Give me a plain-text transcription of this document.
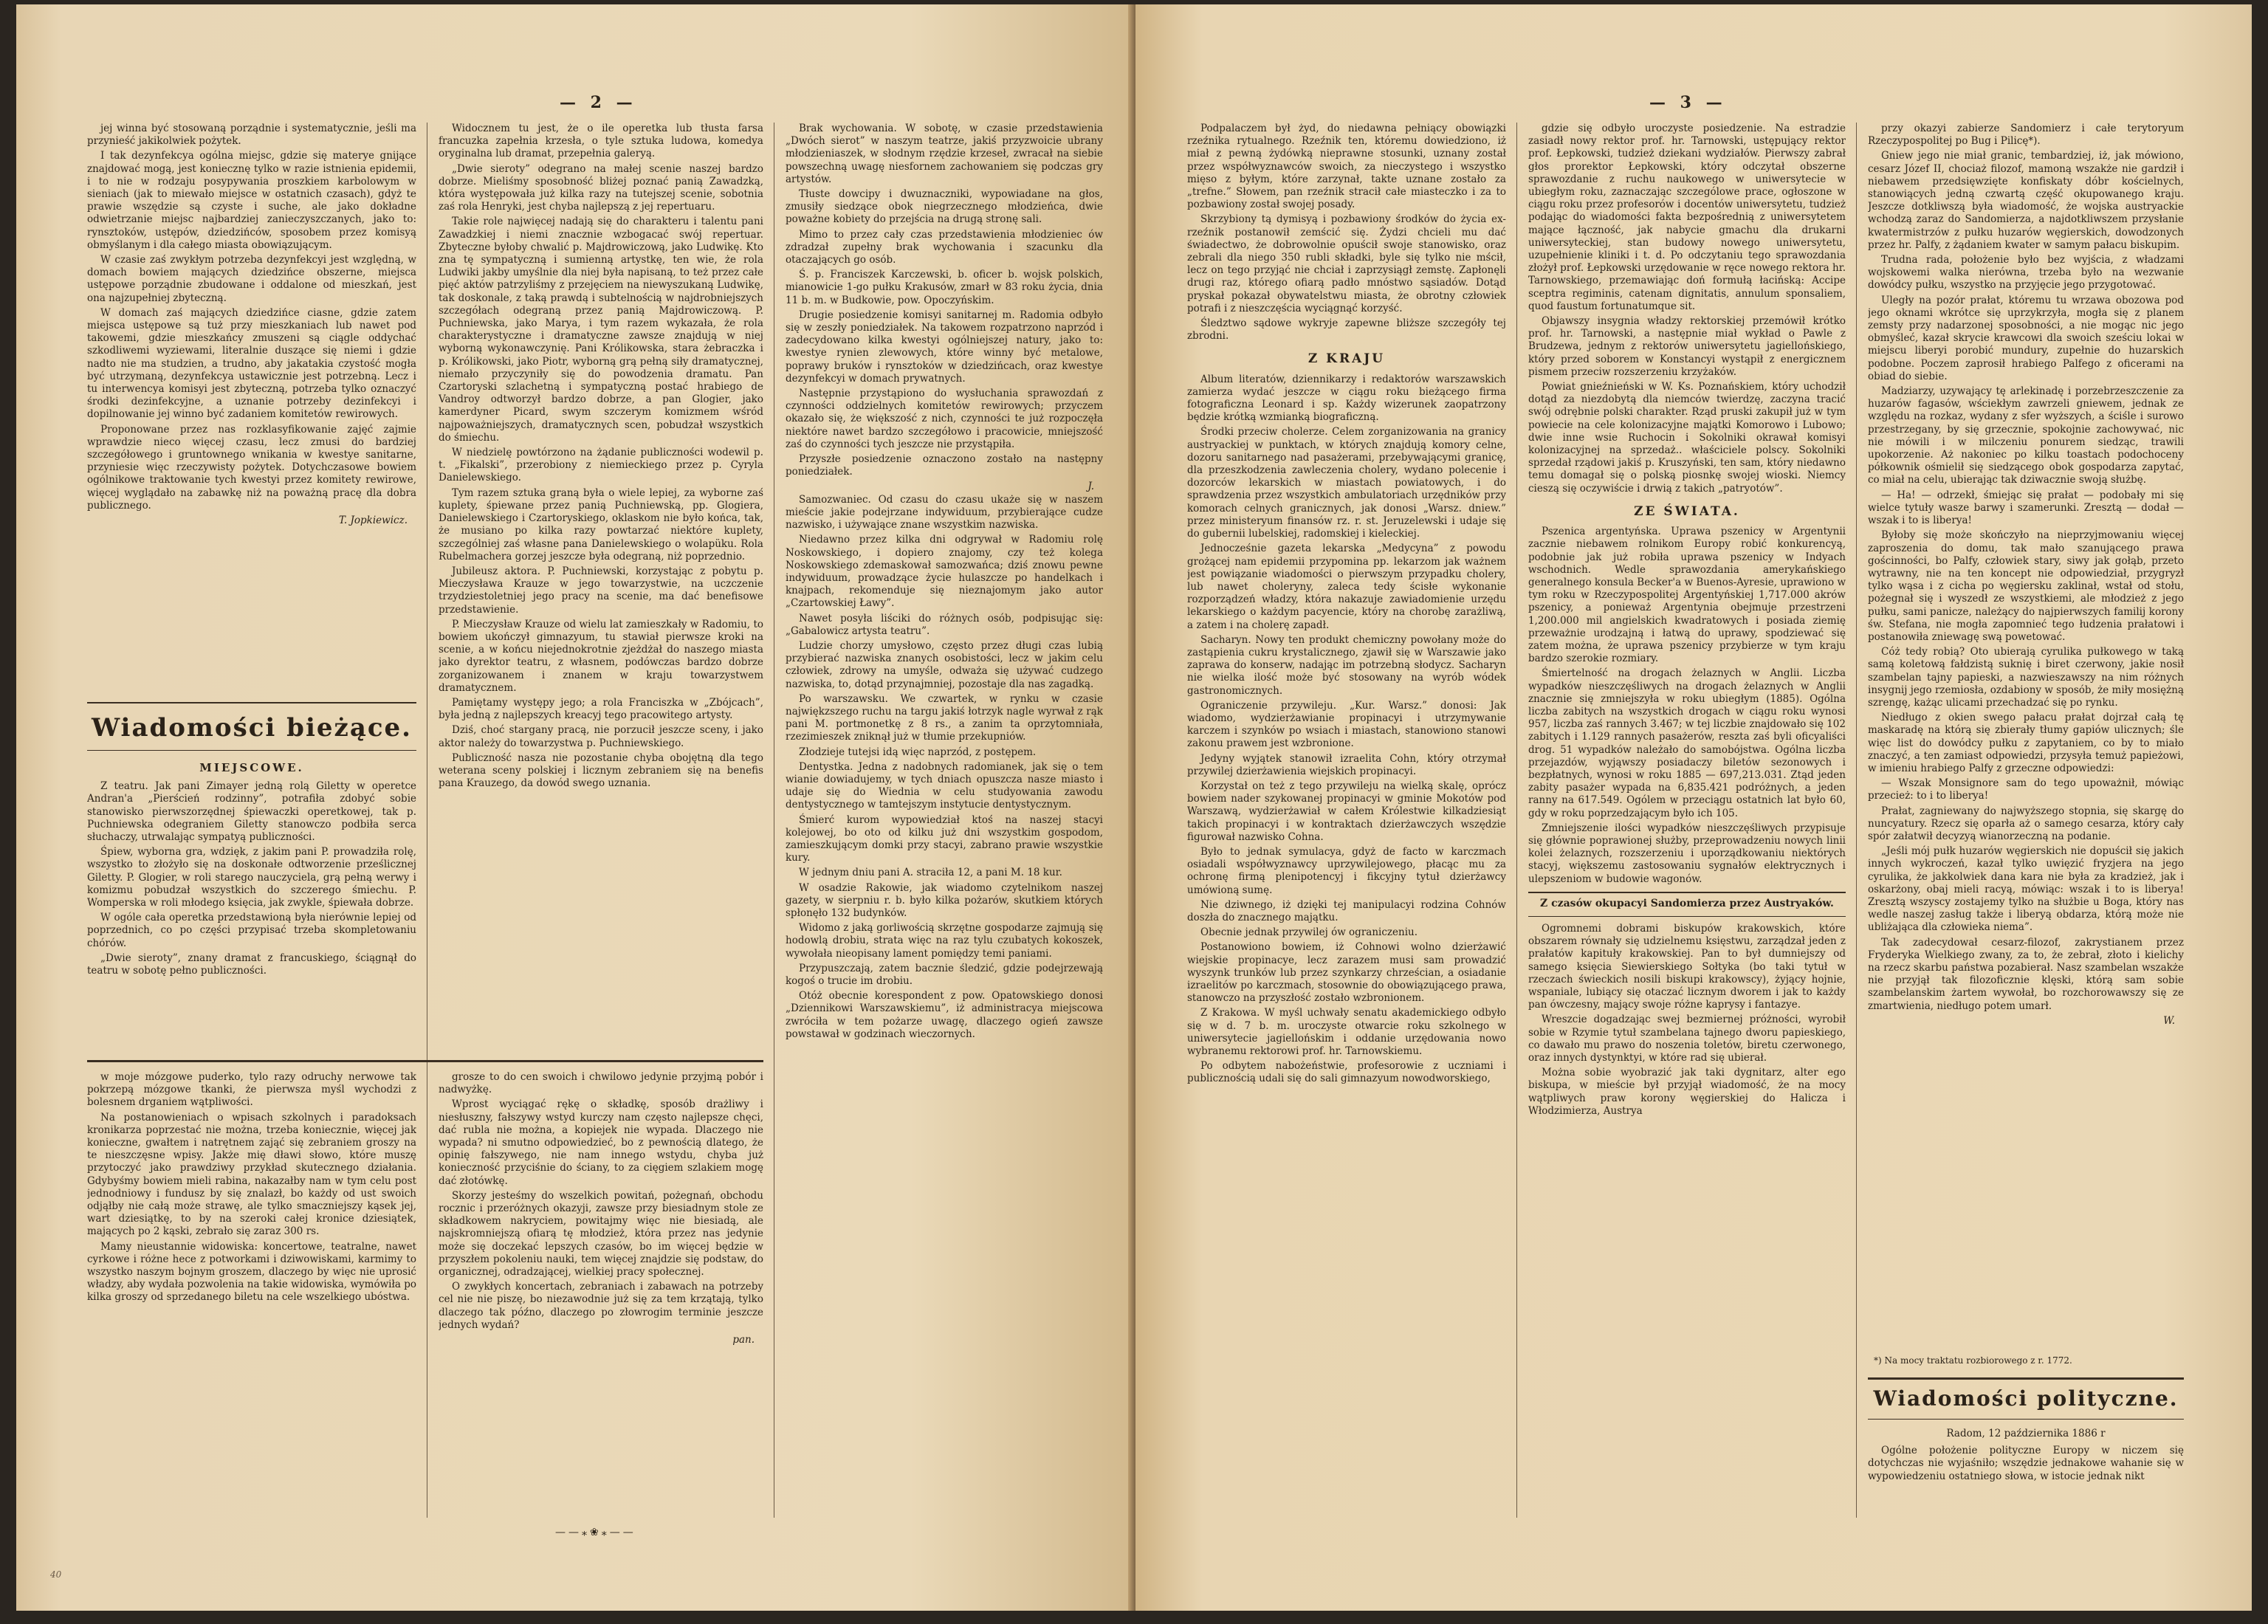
— 2 —

jej winna być stosowaną porządnie i systematycznie, jeśli ma przynieść jakikolwiek pożytek.

I tak dezynfekcya ogólna miejsc, gdzie się materye gnijące znajdować mogą, jest koniecznę tylko w razie istnienia epidemii, i to nie w rodzaju posypywania proszkiem karbolowym w sieniach (jak to miewało miejsce w ostatnich czasach), gdyż te prawie wszędzie są czyste i suche, ale jako dokładne odwietrzanie miejsc najbardziej zanieczyszczanych, jako to: rynsztoków, ustępów, dziedzińców, sposobem przez komisyą obmyślanym i dla całego miasta obowiązującym.

W czasie zaś zwykłym potrzeba dezynfekcyi jest względną, w domach bowiem mających dziedzińce obszerne, miejsca ustępowe porządnie zbudowane i oddalone od mieszkań, jest ona najzupełniej zbyteczną.

W domach zaś mających dziedzińce ciasne, gdzie zatem miejsca ustępowe są tuż przy mieszkaniach lub nawet pod takowemi, gdzie mieszkańcy zmuszeni są ciągle oddychać szkodliwemi wyziewami, literalnie duszące się niemi i gdzie nadto nie ma studzien, a trudno, aby jakatakia czystość mogła być utrzymaną, dezynfekcya ustawicznie jest potrzebną. Lecz i tu interwencya komisyi jest zbyteczną, potrzeba tylko oznaczyć środki dezinfekcyjne, a uznanie potrzeby dezinfekcyi i dopilnowanie jej winno być zadaniem komitetów rewirowych.

Proponowane przez nas rozklasyfikowanie zajęć zajmie wprawdzie nieco więcej czasu, lecz zmusi do bardziej szczegółowego i gruntownego wnikania w kwestye sanitarne, przyniesie więc rzeczywisty pożytek. Dotychczasowe bowiem ogólnikowe traktowanie tych kwestyi przez komitety rewirowe, więcej wyglądało na zabawkę niż na poważną pracę dla dobra publicznego.

T. Jopkiewicz.
Wiadomości bieżące.
MIEJSCOWE.

Z teatru. Jak pani Zimayer jedną rolą Giletty w operetce Andran'a „Pierścień rodzinny”, potrafiła zdobyć sobie stanowisko pierwszorzędnej śpiewaczki operetkowej, tak p. Puchniewska odegraniem Giletty stanowczo podbiła serca słuchaczy, utrwalając sympatyą publiczności.

Śpiew, wyborna gra, wdzięk, z jakim pani P. prowadziła rolę, wszystko to złożyło się na doskonałe odtworzenie prześlicznej Giletty. P. Glogier, w roli starego nauczyciela, grą pełną werwy i komizmu pobudzał wszystkich do szczerego śmiechu. P. Womperska w roli młodego księcia, jak zwykle, śpiewała dobrze.

W ogóle cała operetka przedstawioną była nierównie lepiej od poprzednich, co po części przypisać trzeba skompletowaniu chórów.

„Dwie sieroty”, znany dramat z francuskiego, ściągnął do teatru w sobotę pełno publiczności.

Widocznem tu jest, że o ile operetka lub tłusta farsa francuzka zapełnia krzesła, o tyle sztuka ludowa, komedya oryginalna lub dramat, przepełnia galeryą.

„Dwie sieroty” odegrano na małej scenie naszej bardzo dobrze. Mieliśmy sposobność bliżej poznać panią Zawadzką, która występowała już kilka razy na tutejszej scenie, sobotnia zaś rola Henryki, jest chyba najlepszą z jej repertuaru.

Takie role najwięcej nadają się do charakteru i talentu pani Zawadzkiej i niemi znacznie wzbogacać swój repertuar. Zbyteczne byłoby chwalić p. Majdrowiczową, jako Ludwikę. Kto zna tę sympatyczną i sumienną artystkę, ten wie, że rola Ludwiki jakby umyślnie dla niej była napisaną, to też przez całe pięć aktów patrzyliśmy z przejęciem na niewyszukaną Ludwikę, tak doskonale, z taką prawdą i subtelnością w najdrobniejszych szczegółach odegraną przez panią Majdrowiczową. P. Puchniewska, jako Marya, i tym razem wykazała, że rola charakterystyczne i dramatyczne zawsze znajdują w niej wyborną wykonawczynię. Pani Królikowska, stara żebraczka i p. Królikowski, jako Piotr, wyborną grą pełną siły dramatycznej, niemało przyczyniły się do powodzenia dramatu. Pan Czartoryski szlachetną i sympatyczną postać hrabiego de Vandroy odtworzył bardzo dobrze, a pan Glogier, jako kamerdyner Picard, swym szczerym komizmem wśród najpoważniejszych, dramatycznych scen, pobudzał wszystkich do śmiechu.

W niedzielę powtórzono na żądanie publiczności wodewil p. t. „Fikalski”, przerobiony z niemieckiego przez p. Cyryla Danielewskiego.

Tym razem sztuka graną była o wiele lepiej, za wyborne zaś kuplety, śpiewane przez panią Puchniewską, pp. Glogiera, Danielewskiego i Czartoryskiego, oklaskom nie było końca, tak, że musiano po kilka razy powtarzać niektóre kuplety, szczególniej zaś własne pana Danielewskiego o wolapüku. Rola Rubelmachera gorzej jeszcze była odegraną, niż poprzednio.

Jubileusz aktora. P. Puchniewski, korzystając z pobytu p. Mieczysława Krauze w jego towarzystwie, na uczczenie trzydziestoletniej jego pracy na scenie, ma dać benefisowe przedstawienie.

P. Mieczysław Krauze od wielu lat zamieszkały w Radomiu, to bowiem ukończył gimnazyum, tu stawiał pierwsze kroki na scenie, a w końcu niejednokrotnie zjeżdżał do naszego miasta jako dyrektor teatru, z własnem, podówczas bardzo dobrze zorganizowanem i znanem w kraju towarzystwem dramatycznem.

Pamiętamy występy jego; a rola Franciszka w „Zbójcach”, była jedną z najlepszych kreacyj tego pracowitego artysty.

Dziś, choć stargany pracą, nie porzucił jeszcze sceny, i jako aktor należy do towarzystwa p. Puchniewskiego.

Publiczność nasza nie pozostanie chyba obojętną dla tego weterana sceny polskiej i licznym zebraniem się na benefis pana Krauzego, da dowód swego uznania.

Brak wychowania. W sobotę, w czasie przedstawienia „Dwóch sierot” w naszym teatrze, jakiś przyzwoicie ubrany młodzieniaszek, w słodnym rzędzie krzeseł, zwracał na siebie powszechną uwagę niesfornem zachowaniem się podczas gry artystów.

Tłuste dowcipy i dwuznaczniki, wypowiadane na głos, zmusiły siedzące obok niegrzecznego młodzieńca, dwie poważne kobiety do przejścia na drugą stronę sali.

Mimo to przez cały czas przedstawienia młodzieniec ów zdradzał zupełny brak wychowania i szacunku dla otaczających go osób.

Ś. p. Franciszek Karczewski, b. oficer b. wojsk polskich, mianowicie 1-go pułku Krakusów, zmarł w 83 roku życia, dnia 11 b. m. w Budkowie, pow. Opoczyńskim.

Drugie posiedzenie komisyi sanitarnej m. Radomia odbyło się w zeszły poniedziałek. Na takowem rozpatrzono naprzód i zadecydowano kilka kwestyi ogólniejszej natury, jako to: kwestye rynien zlewowych, które winny być metalowe, poprawy bruków i rynsztoków w dziedzińcach, oraz kwestye dezynfekcyi w domach prywatnych.

Następnie przystąpiono do wysłuchania sprawozdań z czynności oddzielnych komitetów rewirowych; przyczem okazało się, że większość z nich, czynności te już rozpoczęła niektóre nawet bardzo szczegółowo i pracowicie, mniejszość zaś do czynności tych jeszcze nie przystąpiła.

Przyszłe posiedzenie oznaczono zostało na następny poniedziałek.

J.

Samozwaniec. Od czasu do czasu ukaże się w naszem mieście jakie podejrzane indywiduum, przybierające cudze nazwisko, i używające znane wszystkim nazwiska.

Niedawno przez kilka dni odgrywał w Radomiu rolę Noskowskiego, i dopiero znajomy, czy też kolega Noskowskiego zdemaskował samozwańca; dziś znowu pewne indywiduum, prowadzące życie hulaszcze po handelkach i knajpach, rekomenduje się nieznajomym jako autor „Czartowskiej Ławy”.

Nawet posyła liściki do różnych osób, podpisując się: „Gabalowicz artysta teatru”.

Ludzie chorzy umysłowo, często przez długi czas lubią przybierać nazwiska znanych osobistości, lecz w jakim celu człowiek, zdrowy na umyśle, odważa się używać cudzego nazwiska, to, dotąd przynajmniej, pozostaje dla nas zagadką.

Po warszawsku. We czwartek, w rynku w czasie najwiękzszego ruchu na targu jakiś łotrzyk nagle wyrwał z rąk pani M. portmonetkę z 8 rs., a zanim ta oprzytomniała, rzezimieszek zniknął już w tłumie przekupniów.

Złodzieje tutejsi idą więc naprzód, z postępem.

Dentystka. Jedna z nadobnych radomianek, jak się o tem wianie dowiadujemy, w tych dniach opuszcza nasze miasto i udaje się do Wiednia w celu studyowania zawodu dentystycznego w tamtejszym instytucie dentystycznym.

Śmierć kurom wypowiedział ktoś na naszej stacyi kolejowej, bo oto od kilku już dni wszystkim gospodom, zamieszkującym domki przy stacyi, zabrano prawie wszystkie kury.

W jednym dniu pani A. straciła 12, a pani M. 18 kur.

W osadzie Rakowie, jak wiadomo czytelnikom naszej gazety, w sierpniu r. b. było kilka pożarów, skutkiem których spłonęło 132 budynków.

Widomo z jaką gorliwością skrzętne gospodarze zajmują się hodowlą drobiu, strata więc na raz tylu czubatych kokoszek, wywołała nieopisany lament pomiędzy temi paniami.

Przypuszczają, zatem bacznie śledzić, gdzie podejrzewają kogoś o trucie im drobiu.

Otóż obecnie korespondent z pow. Opatowskiego donosi „Dziennikowi Warszawskiemu”, iż administracya miejscowa zwróciła w tem pożarze uwagę, dlaczego ogień zawsze powstawał w godzinach wieczornych.

w moje mózgowe puderko, tylo razy odruchy nerwowe tak pokrzepą mózgowe tkanki, że pierwsza myśl wychodzi z bolesnem drganiem wątpliwości.

Na postanowieniach o wpisach szkolnych i paradoksach kronikarza poprzestać nie można, trzeba koniecznie, więcej jak konieczne, gwałtem i natrętnem zająć się zebraniem groszy na te nieszczęsne wpisy. Jakże mię dławi słowo, które muszę przytoczyć jako prawdziwy przykład skutecznego działania. Gdybyśmy bowiem mieli rabina, nakazałby nam w tym celu post jednodniowy i fundusz by się znalazł, bo każdy od ust swoich odjąłby nie całą może strawę, ale tylko smaczniejszy kąsek jej, wart dziesiątkę, to by na szeroki całej kronice dziesiątek, mających po 2 kąski, zebrało się zaraz 300 rs.

Mamy nieustannie widowiska: koncertowe, teatralne, nawet cyrkowe i różne hece z potworkami i dziwowiskami, karmimy to wszystko naszym bojnym groszem, dlaczego by więc nie uprosić władzy, aby wydała pozwolenia na takie widowiska, wymówiła po kilka groszy od sprzedanego biletu na cele wszelkiego ubóstwa.

grosze to do cen swoich i chwilowo jedynie przyjmą pobór i nadwyżkę.

Wprost wyciągać rękę o składkę, sposób drażliwy i niesłuszny, fałszywy wstyd kurczy nam często najlepsze chęci, dać rubla nie można, a kopiejek nie wypada. Dlaczego nie wypada? ni smutno odpowiedzieć, bo z pewnością dlatego, że opinię fałszywego, nie nam innego wstydu, chyba już konieczność przyciśnie do ściany, to za cięgiem szlakiem mogę dać złotówkę.

Skorzy jesteśmy do wszelkich powitań, pożegnań, obchodu rocznic i przeróżnych okazyji, zawsze przy biesiadnym stole ze składkowem nakryciem, powitajmy więc nie biesiadą, ale najskromniejszą ofiarą tę młodzież, która przez nas jedynie może się doczekać lepszych czasów, bo im więcej będzie w przyszłem pokoleniu nauki, tem więcej znajdzie się podstaw, do organicznej, odradzającej, wielkiej pracy społecznej.

O zwykłych koncertach, zebraniach i zabawach na potrzeby cel nie nie piszę, bo niezawodnie już się za tem krzątają, tylko dlaczego tak późno, dlaczego po złowrogim terminie jeszcze jednych wydań?

pan.
——⁎❀⁎——
40
— 3 —

Podpalaczem był żyd, do niedawna pełniący obowiązki rzeźnika rytualnego. Rzeźnik ten, któremu dowiedziono, iż miał z pewną żydówką nieprawne stosunki, uznany został przez współwyznawców swoich, za nieczystego i wszystko mięso z byłym, które zarzynał, takte uznane zostało za „trefne.” Słowem, pan rzeźnik stracił całe miasteczko i za to pozbawiony został swojej posady.

Skrzybiony tą dymisyą i pozbawiony środków do życia ex-rzeźnik postanowił zemścić się. Żydzi chcieli mu dać świadectwo, że dobrowolnie opuścił swoje stanowisko, oraz zebrali dla niego 350 rubli składki, byle się tylko nie mścił, lecz on tego przyjąć nie chciał i zaprzysiągł zemstę. Zapłonęli drugi raz, którego ofiarą padło mnóstwo sąsiadów. Dotąd pryskał pokazał obywatelstwu miasta, że obrotny człowiek potrafi i z nieszczęścia wyciągnąć korzyść.

Śledztwo sądowe wykryje zapewne bliższe szczegóły tej zbrodni.

Z KRAJU

Album literatów, dziennikarzy i redaktorów warszawskich zamierza wydać jeszcze w ciągu roku bieżącego firma fotograficzna Leonard i sp. Każdy wizerunek zaopatrzony będzie krótką wzmianką biograficzną.

Środki przeciw cholerze. Celem zorganizowania na granicy austryackiej w punktach, w których znajdują komory celne, dozoru sanitarnego nad pasażerami, przebywającymi granicę, dla przeszkodzenia zawleczenia cholery, wydano polecenie i dozorców lekarskich w miastach powiatowych, i do sprawdzenia przez wszystkich ambulatoriach urzędników przy komorach celnych granicznych, jak donosi „Warsz. dniew.” przez ministeryum finansów rz. r. st. Jeruzelewski i udaje się do gubernii lubelskiej, radomskiej i kieleckiej.

Jednocześnie gazeta lekarska „Medycyna” z powodu grożącej nam epidemii przypomina pp. lekarzom jak ważnem jest powiązanie wiadomości o pierwszym przypadku cholery, lub nawet choleryny, zaleca tedy ścisłe wykonanie rozporządzeń władzy, która nakazuje zawiadomienie urzędu lekarskiego o każdym pacyencie, który na chorobę zarażliwą, a zatem i na cholerę zapadł.

Sacharyn. Nowy ten produkt chemiczny powołany może do zastąpienia cukru krystalicznego, zjawił się w Warszawie jako zaprawa do konserw, nadając im potrzebną słodycz. Sacharyn nie wielka ilość może być stosowany na wyrób wódek gastronomicznych.

Ograniczenie przywileju. „Kur. Warsz.” donosi: Jak wiadomo, wydzierżawianie propinacyi i utrzymywanie karczem i szynków po wsiach i miastach, stanowiono stanowi zakonu prawem jest wzbronione.

Jedyny wyjątek stanowił izraelita Cohn, który otrzymał przywilej dzierżawienia wiejskich propinacyi.

Korzystał on też z tego przywileju na wielką skalę, oprócz bowiem nader szykowanej propinacyi w gminie Mokotów pod Warszawą, wydzierżawiał w całem Królestwie kilkadziesiąt takich propinacyi i w kontraktach dzierżawczych wszędzie figurował nazwisko Cohna.

Było to jednak symulacya, gdyż de facto w karczmach osiadali współwyznawcy uprzywilejowego, płacąc mu za ochronę firmą plenipotencyj i fikcyjny tytuł dzierżawcy umówioną sumę.

Nie dziwnego, iż dzięki tej manipulacyi rodzina Cohnów doszła do znacznego majątku.

Obecnie jednak przywilej ów ograniczeniu.

Postanowiono bowiem, iż Cohnowi wolno dzierżawić wiejskie propinacye, lecz zarazem musi sam prowadzić wyszynk trunków lub przez szynkarzy chrześcian, a osiadanie izraelitów po karczmach, stosownie do obowiązującego prawa, stanowczo na przyszłość zostało wzbronionem.

Z Krakowa. W myśl uchwały senatu akademickiego odbyło się w d. 7 b. m. uroczyste otwarcie roku szkolnego w uniwersytecie jagiellońskim i oddanie urzędowania nowo wybranemu rektorowi prof. hr. Tarnowskiemu.

Po odbytem nabożeństwie, profesorowie z uczniami i publicznością udali się do sali gimnazyum nowodworskiego,

gdzie się odbyło uroczyste posiedzenie. Na estradzie zasiadł nowy rektor prof. hr. Tarnowski, ustępujący rektor prof. Łepkowski, tudzież dziekani wydziałów. Pierwszy zabrał głos prorektor Łepkowski, który odczytał obszerne sprawozdanie z ruchu naukowego w uniwersytecie w ubiegłym roku, zaznaczając szczególowe prace, ogłoszone w ciągu roku przez profesorów i docentów uniwersytetu, tudzież podając do wiadomości fakta bezpośrednią z uniwersytetem mające łączność, jak nabycie gmachu dla drukarni uniwersyteckiej, stan budowy nowego uniwersytetu, uzupełnienie kliniki i t. d. Po odczytaniu tego sprawozdania złożył prof. Łepkowski urzędowanie w ręce nowego rektora hr. Tarnowskiego, przemawiając doń formułą łacińską: Accipe sceptra regiminis, catenam dignitatis, annulum sponsaliem, quod faustum fortunatumque sit.

Objawszy insygnia władzy rektorskiej przemówił krótko prof. hr. Tarnowski, a następnie miał wykład o Pawle z Brudzewa, jednym z rektorów uniwersytetu jagiellońskiego, który przed soborem w Konstancyi wystąpił z energicznem pismem przeciw rozszerzeniu krzyżaków.

Powiat gnieźnieński w W. Ks. Poznańskiem, który uchodził dotąd za niezdobytą dla niemców twierdzę, zaczyna tracić swój odrębnie polski charakter. Rząd pruski zakupił już w tym powiecie na cele kolonizacyjne majątki Komorowo i Lubowo; dwie inne wsie Ruchocin i Sokolniki okrawał komisyi kolonizacyjnej na sprzedaż.. właściciele polscy. Sokolniki sprzedał rządowi jakiś p. Kruszyński, ten sam, który niedawno temu domagał się o polską piosnkę swojej wioski. Niemcy cieszą się oczywiście i drwią z takich „patryotów”.

ZE ŚWIATA.

Pszenica argentyńska. Uprawa pszenicy w Argentynii zacznie niebawem rolnikom Europy robić konkurencyą, podobnie jak już robiła uprawa pszenicy w Indyach wschodnich. Wedle sprawozdania amerykańskiego generalnego konsula Becker'a w Buenos-Ayresie, uprawiono w tym roku w Rzeczypospolitej Argentyńskiej 1,717.000 akrów pszenicy, a ponieważ Argentynia obejmuje przestrzeni 1,200.000 mil angielskich kwadratowych i posiada ziemię przeważnie urodzajną i łatwą do uprawy, spodziewać się zatem można, że uprawa pszenicy przybierze w tym kraju bardzo szerokie rozmiary.

Śmiertelność na drogach żelaznych w Anglii. Liczba wypadków nieszczęśliwych na drogach żelaznych w Anglii znacznie się zmniejszyła w roku ubiegłym (1885). Ogólna liczba zabitych na wszystkich drogach w ciągu roku wynosi 957, liczba zaś rannych 3.467; w tej liczbie znajdowało się 102 zabitych i 1.129 rannych pasażerów, reszta zaś byli oficyaliści drog. 51 wypadków należało do samobójstwa. Ogólna liczba przejazdów, wyjąwszy posiadaczy biletów sezonowych i bezpłatnych, wynosi w roku 1885 — 697,213.031. Ztąd jeden zabity pasażer wypada na 6,835.421 podróżnych, a jeden ranny na 617.549. Ogólem w przeciągu ostatnich lat było 60, gdy w roku poprzedzającym było ich 105.

Zmniejszenie ilości wypadków nieszczęśliwych przypisuje się głównie poprawionej służby, przeprowadzeniu nowych linii kolei żelaznych, rozszerzeniu i uporządkowaniu niektórych stacyj, większemu zastosowaniu sygnałów elektrycznych i ulepszeniom w budowie wagonów.

Z czasów okupacyi Sandomierza przez Austryaków.

Ogromnemi dobrami biskupów krakowskich, które obszarem równały się udzielnemu księstwu, zarządzał jeden z prałatów kapituły krakowskiej. Pan to był dumniejszy od samego księcia Siewierskiego Sołtyka (bo taki tytuł w rzeczach świeckich nosili biskupi krakowscy), żyjący hojnie, wspaniale, lubiący się otaczać licznym dworem i jak to każdy pan ówczesny, mający swoje różne kaprysy i fantazye.

Wreszcie dogadzając swej bezmiernej próżności, wyrobił sobie w Rzymie tytuł szambelana tajnego dworu papieskiego, co dawało mu prawo do noszenia toletów, biretu czerwonego, oraz innych dystynktyi, w które rad się ubierał.

Można sobie wyobrazić jak taki dygnitarz, alter ego biskupa, w mieście był przyjął wiadomość, że na mocy wątpliwych praw korony węgierskiej do Halicza i Włodzimierza, Austrya

przy okazyi zabierze Sandomierz i całe terytoryum Rzeczypospolitej po Bug i Pilicę*).

Gniew jego nie miał granic, tembardziej, iż, jak mówiono, cesarz Józef II, chociaż filozof, mamoną wszakże nie gardził i niebawem przedsięwzięte konfiskaty dóbr kościelnych, stanowiących jedną czwartą część okupowanego kraju. Jeszcze dotkliwszą była wiadomość, że wojska austryackie wchodzą zaraz do Sandomierza, a najdotkliwszem przysłanie kwatermistrzów z pułku huzarów węgierskich, dowodzonych przez hr. Palfy, z żądaniem kwater w samym pałacu biskupim.

Trudna rada, położenie było bez wyjścia, z władzami wojskowemi walka nierówna, trzeba było na wezwanie dowódcy pułku, wszystko na przyjęcie jego przygotować.

Uległy na pozór prałat, któremu tu wrzawa obozowa pod jego oknami wkrótce się uprzykrzyła, mogła się z planem zemsty przy nadarzonej sposobności, a nie mogąc nic jego obmyśleć, kazał skrycie krawcowi dla swoich sześciu lokai w miejscu liberyi porobić mundury, zupełnie do huzarskich podobne. Poczem zaprosił hrabiego Palfego z oficerami na obiad do siebie.

Madziarzy, uzywający tę arlekinadę i porzebrzeszczenie za huzarów fagasów, wściekłym zawrzeli gniewem, jednak ze względu na rozkaz, wydany z sfer wyższych, a ściśle i surowo przestrzegany, by się grzecznie, spokojnie zachowywać, nic nie mówili i w milczeniu ponurem siedząc, trawili upokorzenie. Aż nakoniec po kilku toastach podochoceny półkownik ośmielił się siedzącego obok gospodarza zapytać, co miał na celu, ubierając tak dziwacznie swoją służbę.

— Ha! — odrzekł, śmiejąc się prałat — podobały mi się wielce tytuły wasze barwy i szamerunki. Zresztą — dodał — wszak i to is liberya!

Byłoby się może skończyło na nieprzyjmowaniu więcej zaproszenia do domu, tak mało szanującego prawa gościnności, bo Palfy, człowiek stary, siwy jak gołąb, przeto wytrawny, nie na ten koncept nie odpowiedział, przygryzł tylko wąsa i z cicha po węgiersku zaklinał, wstał od stołu, pożegnał się i wyszedł ze wszystkiemi, ale młodzież z jego pułku, sami panicze, należący do najpierwszych familij korony św. Stefana, nie mogła zapomnieć tego łudzenia prałatowi i postanowiła zniewagę swą powetować.

Cóż tedy robią? Oto ubierają cyrulika pułkowego w taką samą koletową fałdzistą suknię i biret czerwony, jakie nosił szambelan tajny papieski, a nazwieszawszy na nim różnych insygnij jego rzemiosła, ozdabiony w sposób, że miły mosiężną szrengę, każąc ulicami przechadzać się po rynku.

Niedługo z okien swego pałacu prałat dojrzał całą tę maskaradę na którą się zbierały tłumy gapiów ulicznych; śle więc list do dowódcy pułku z zapytaniem, co by to miało znaczyć, a ten zamiast odpowiedzi, przysyła temuż papieżowi, w imieniu hrabiego Palfy z grzeczne odpowiedzi:

— Wszak Monsignore sam do tego upoważnił, mówiąc przecież: to i to liberya!

Prałat, zagniewany do najwyższego stopnia, się skargę do nuncyatury. Rzecz się oparła aż o samego cesarza, który cały spór załatwił decyzyą wianorzeczną na podanie.

„Jeśli mój pułk huzarów węgierskich nie dopuścił się jakich innych wykroczeń, kazał tylko uwięzić fryzjera na jego cyrulika, że jakkolwiek dana kara nie była za kradzież, jak i oskarżony, obaj mieli racyą, mówiąc: wszak i to is liberya! Zresztą wszyscy zostajemy tylko na służbie u Boga, który nas wedle naszej zasług także i liberyą obdarza, którą może nie ubliżająca dla człowieka niema”.

Tak zadecydował cesarz-filozof, zakrystianem przez Fryderyka Wielkiego zwany, za to, że zebrał, złoto i kielichy na rzecz skarbu państwa pozabierał. Nasz szambelan wszakże nie przyjął tak filozoficznie klęski, którą sam sobie szambelanskim żartem wywołał, bo rozchorowawszy się ze zmartwienia, niedługo potem umarł.

W.
*) Na mocy traktatu rozbiorowego z r. 1772.
Wiadomości polityczne.
Radom, 12 października 1886 r

Ogólne położenie polityczne Europy w niczem się dotychczas nie wyjaśniło; wszędzie jednakowe wahanie się w wypowiedzeniu ostatniego słowa, w istocie jednak nikt
